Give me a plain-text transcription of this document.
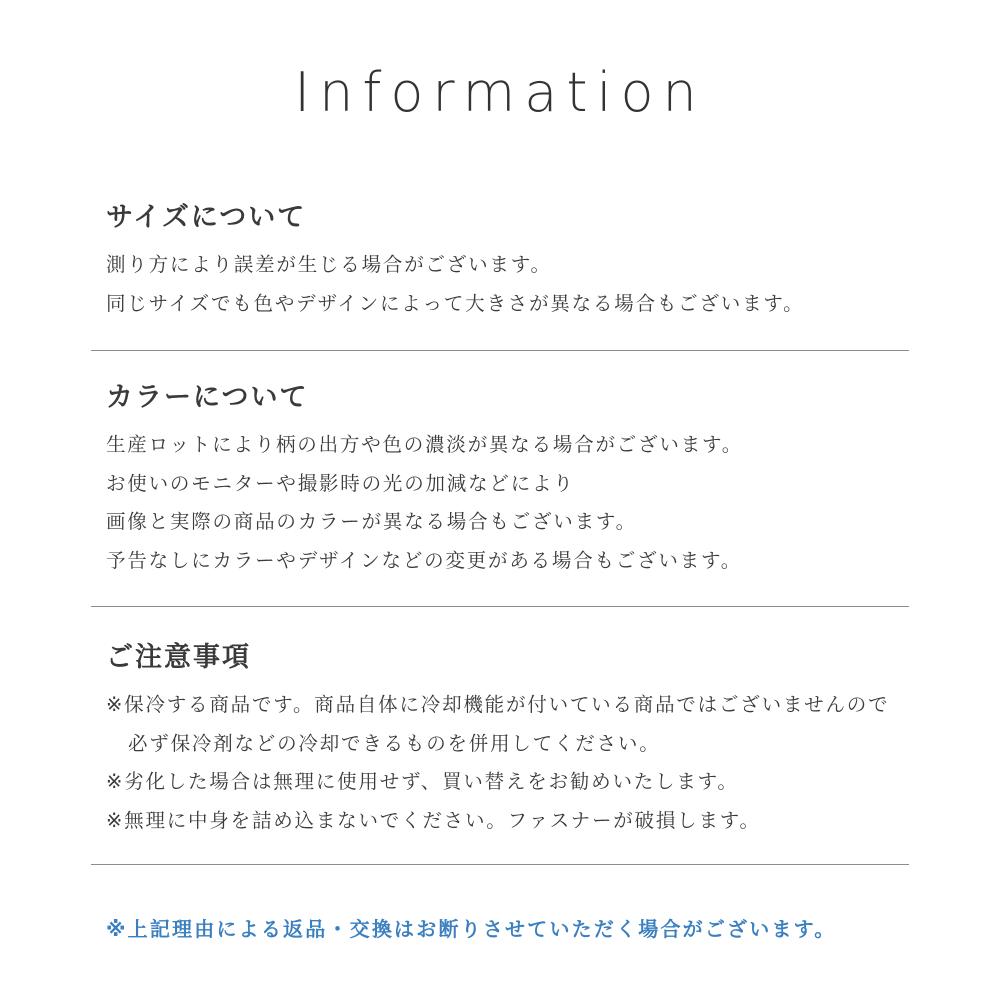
Information
サイズについて
測り方により誤差が生じる場合がございます。
同じサイズでも色やデザインによって大きさが異なる場合もございます。
カラーについて
生産ロットにより柄の出方や色の濃淡が異なる場合がございます。
お使いのモニターや撮影時の光の加減などにより
画像と実際の商品のカラーが異なる場合もございます。
予告なしにカラーやデザインなどの変更がある場合もございます。
ご注意事項
※保冷する商品です。商品自体に冷却機能が付いている商品ではございませんので
必ず保冷剤などの冷却できるものを併用してください。
※劣化した場合は無理に使用せず、買い替えをお勧めいたします。
※無理に中身を詰め込まないでください。ファスナーが破損します。
※上記理由による返品・交換はお断りさせていただく場合がございます。
